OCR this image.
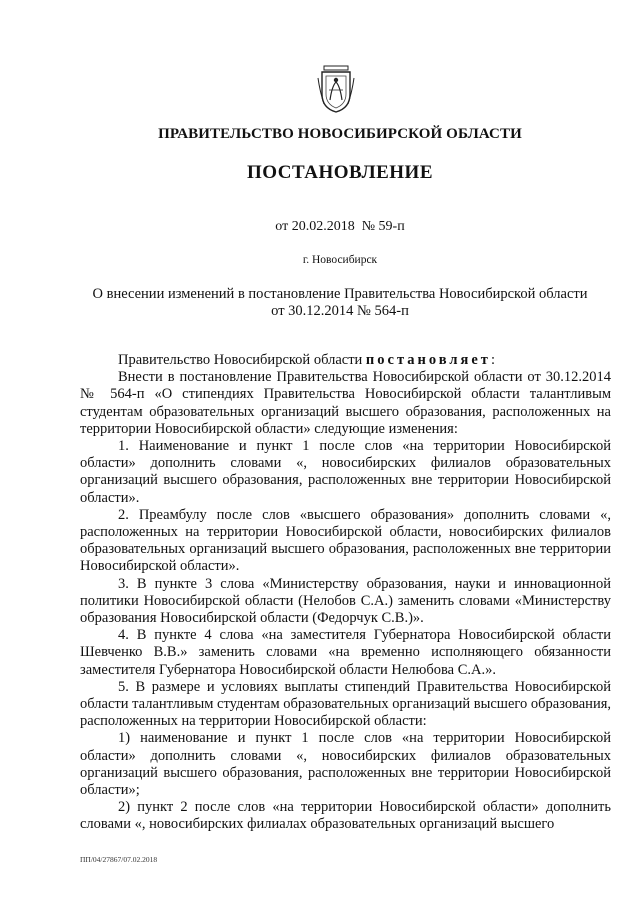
ПРАВИТЕЛЬСТВО НОВОСИБИРСКОЙ ОБЛАСТИ
ПОСТАНОВЛЕНИЕ
от 20.02.2018  № 59-п
г. Новосибирск
О внесении изменений в постановление Правительства Новосибирской области
от 30.12.2014 № 564-п

Правительство Новосибирской области постановляет:

Внести в постановление Правительства Новосибирской области от 30.12.2014 № 564-п «О стипендиях Правительства Новосибирской области талантливым студентам образовательных организаций высшего образования, расположенных на территории Новосибирской области» следующие изменения:

1. Наименование и пункт 1 после слов «на территории Новосибирской области» дополнить словами «, новосибирских филиалов образовательных организаций высшего образования, расположенных вне территории Новосибирской области».

2. Преамбулу после слов «высшего образования» дополнить словами «, расположенных на территории Новосибирской области, новосибирских филиалов образовательных организаций высшего образования, расположенных вне территории Новосибирской области».

3. В пункте 3 слова «Министерству образования, науки и инновационной политики Новосибирской области (Нелобов С.А.) заменить словами «Министерству образования Новосибирской области (Федорчук С.В.)».

4. В пункте 4 слова «на заместителя Губернатора Новосибирской области Шевченко В.В.» заменить словами «на временно исполняющего обязанности заместителя Губернатора Новосибирской области Нелюбова С.А.».

5. В размере и условиях выплаты стипендий Правительства Новосибирской области талантливым студентам образовательных организаций высшего образования, расположенных на территории Новосибирской области:

1) наименование и пункт 1 после слов «на территории Новосибирской области» дополнить словами «, новосибирских филиалов образовательных организаций высшего образования, расположенных вне территории Новосибирской области»;

2) пункт 2 после слов «на территории Новосибирской области» дополнить словами «, новосибирских филиалах образовательных организаций высшего

ПП/04/27867/07.02.2018
